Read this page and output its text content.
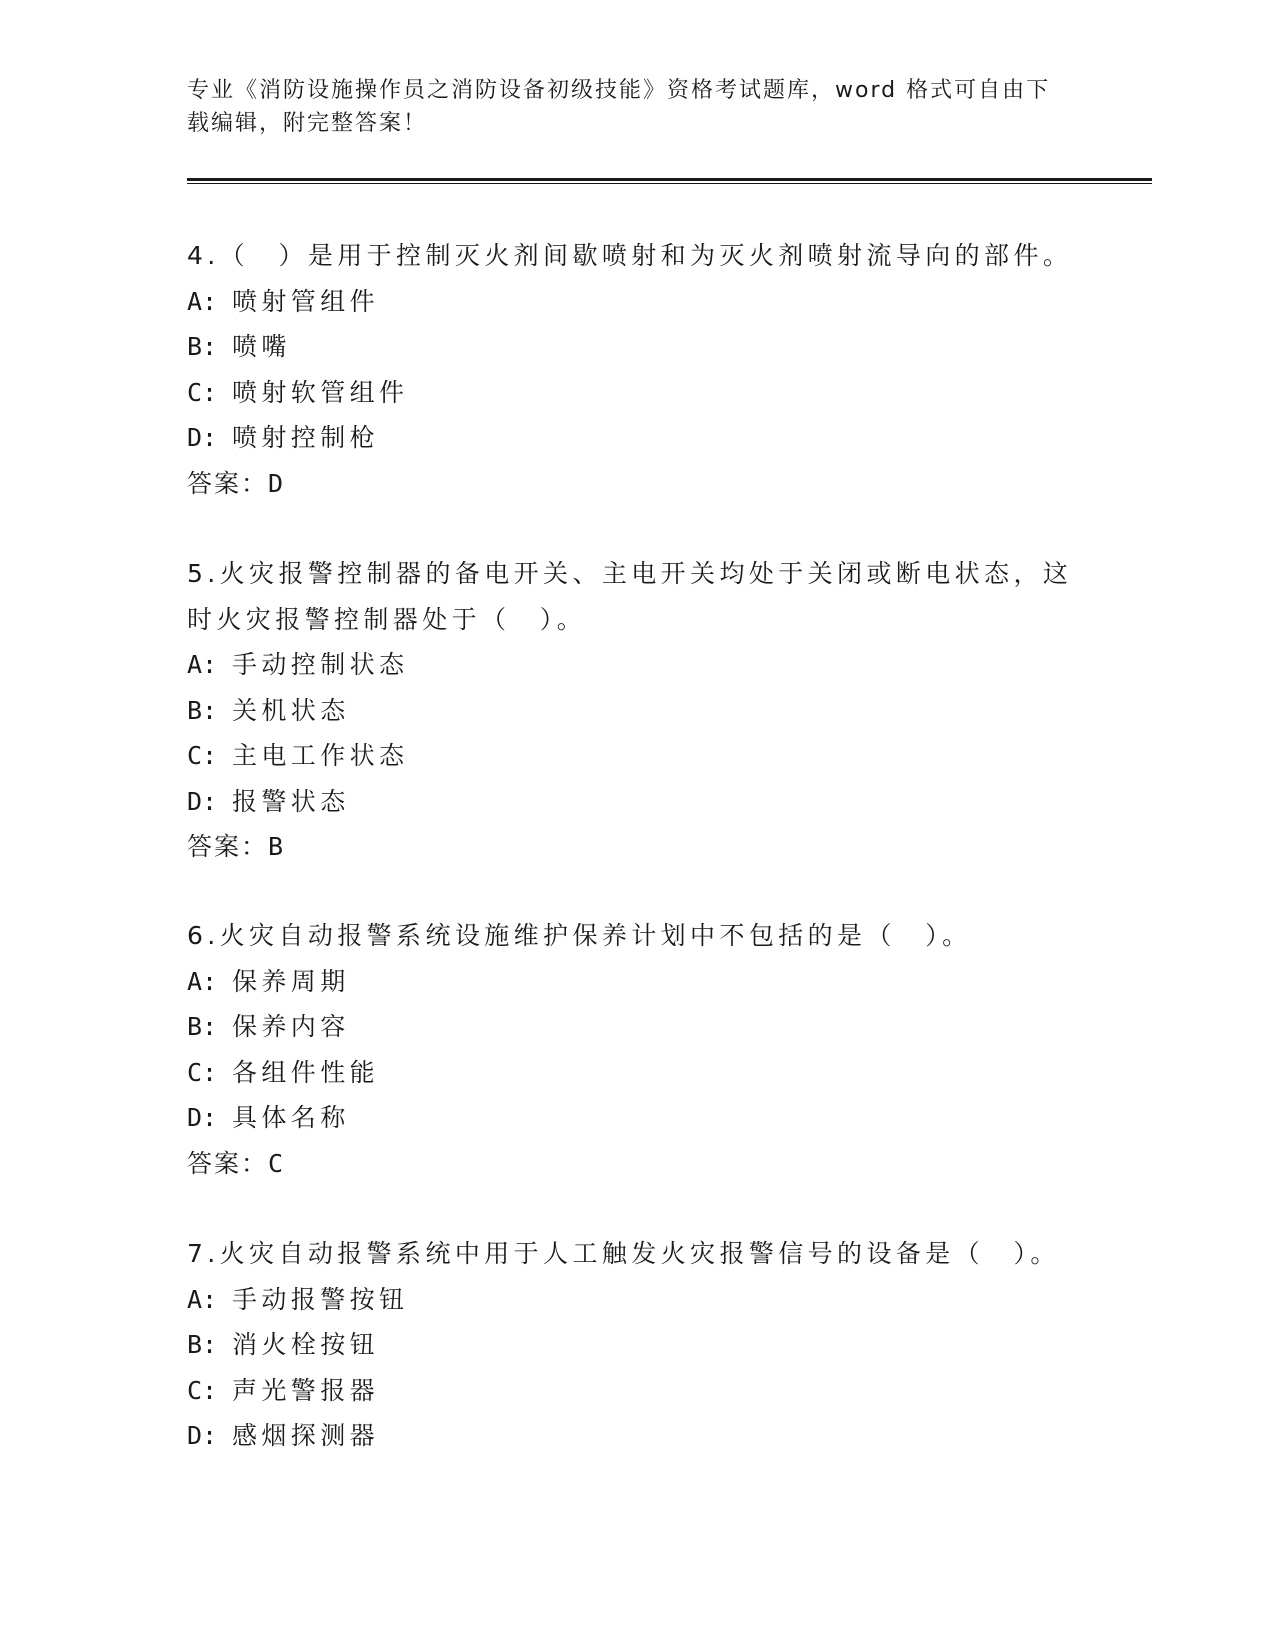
专业《消防设施操作员之消防设备初级技能》资格考试题库，word 格式可自由下载编辑，附完整答案！

4.（　）是用于控制灭火剂间歇喷射和为灭火剂喷射流导向的部件。

A: 喷射管组件
B: 喷嘴
C: 喷射软管组件
D: 喷射控制枪
答案：D

5.火灾报警控制器的备电开关、主电开关均处于关闭或断电状态，这时火灾报警控制器处于（　）。

A: 手动控制状态
B: 关机状态
C: 主电工作状态
D: 报警状态
答案：B

6.火灾自动报警系统设施维护保养计划中不包括的是（　）。

A: 保养周期
B: 保养内容
C: 各组件性能
D: 具体名称
答案：C

7.火灾自动报警系统中用于人工触发火灾报警信号的设备是（　）。

A: 手动报警按钮
B: 消火栓按钮
C: 声光警报器
D: 感烟探测器
